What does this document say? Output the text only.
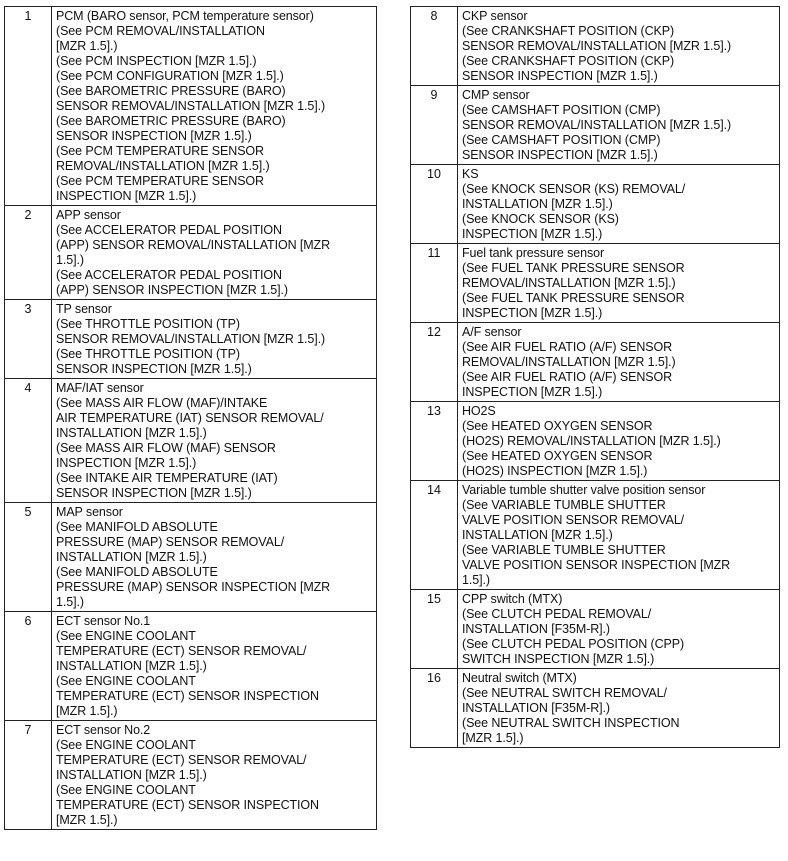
1	PCM (BARO sensor, PCM temperature sensor)
(See PCM REMOVAL/INSTALLATION
[MZR 1.5].)
(See PCM INSPECTION [MZR 1.5].)
(See PCM CONFIGURATION [MZR 1.5].)
(See BAROMETRIC PRESSURE (BARO)
SENSOR REMOVAL/INSTALLATION [MZR 1.5].)
(See BAROMETRIC PRESSURE (BARO)
SENSOR INSPECTION [MZR 1.5].)
(See PCM TEMPERATURE SENSOR
REMOVAL/INSTALLATION [MZR 1.5].)
(See PCM TEMPERATURE SENSOR
INSPECTION [MZR 1.5].)
2	APP sensor
(See ACCELERATOR PEDAL POSITION
(APP) SENSOR REMOVAL/INSTALLATION [MZR
1.5].)
(See ACCELERATOR PEDAL POSITION
(APP) SENSOR INSPECTION [MZR 1.5].)
3	TP sensor
(See THROTTLE POSITION (TP)
SENSOR REMOVAL/INSTALLATION [MZR 1.5].)
(See THROTTLE POSITION (TP)
SENSOR INSPECTION [MZR 1.5].)
4	MAF/IAT sensor
(See MASS AIR FLOW (MAF)/INTAKE
AIR TEMPERATURE (IAT) SENSOR REMOVAL/
INSTALLATION [MZR 1.5].)
(See MASS AIR FLOW (MAF) SENSOR
INSPECTION [MZR 1.5].)
(See INTAKE AIR TEMPERATURE (IAT)
SENSOR INSPECTION [MZR 1.5].)
5	MAP sensor
(See MANIFOLD ABSOLUTE
PRESSURE (MAP) SENSOR REMOVAL/
INSTALLATION [MZR 1.5].)
(See MANIFOLD ABSOLUTE
PRESSURE (MAP) SENSOR INSPECTION [MZR
1.5].)
6	ECT sensor No.1
(See ENGINE COOLANT
TEMPERATURE (ECT) SENSOR REMOVAL/
INSTALLATION [MZR 1.5].)
(See ENGINE COOLANT
TEMPERATURE (ECT) SENSOR INSPECTION
[MZR 1.5].)
7	ECT sensor No.2
(See ENGINE COOLANT
TEMPERATURE (ECT) SENSOR REMOVAL/
INSTALLATION [MZR 1.5].)
(See ENGINE COOLANT
TEMPERATURE (ECT) SENSOR INSPECTION
[MZR 1.5].)
8	CKP sensor
(See CRANKSHAFT POSITION (CKP)
SENSOR REMOVAL/INSTALLATION [MZR 1.5].)
(See CRANKSHAFT POSITION (CKP)
SENSOR INSPECTION [MZR 1.5].)
9	CMP sensor
(See CAMSHAFT POSITION (CMP)
SENSOR REMOVAL/INSTALLATION [MZR 1.5].)
(See CAMSHAFT POSITION (CMP)
SENSOR INSPECTION [MZR 1.5].)
10	KS
(See KNOCK SENSOR (KS) REMOVAL/
INSTALLATION [MZR 1.5].)
(See KNOCK SENSOR (KS)
INSPECTION [MZR 1.5].)
11	Fuel tank pressure sensor
(See FUEL TANK PRESSURE SENSOR
REMOVAL/INSTALLATION [MZR 1.5].)
(See FUEL TANK PRESSURE SENSOR
INSPECTION [MZR 1.5].)
12	A/F sensor
(See AIR FUEL RATIO (A/F) SENSOR
REMOVAL/INSTALLATION [MZR 1.5].)
(See AIR FUEL RATIO (A/F) SENSOR
INSPECTION [MZR 1.5].)
13	HO2S
(See HEATED OXYGEN SENSOR
(HO2S) REMOVAL/INSTALLATION [MZR 1.5].)
(See HEATED OXYGEN SENSOR
(HO2S) INSPECTION [MZR 1.5].)
14	Variable tumble shutter valve position sensor
(See VARIABLE TUMBLE SHUTTER
VALVE POSITION SENSOR REMOVAL/
INSTALLATION [MZR 1.5].)
(See VARIABLE TUMBLE SHUTTER
VALVE POSITION SENSOR INSPECTION [MZR
1.5].)
15	CPP switch (MTX)
(See CLUTCH PEDAL REMOVAL/
INSTALLATION [F35M-R].)
(See CLUTCH PEDAL POSITION (CPP)
SWITCH INSPECTION [MZR 1.5].)
16	Neutral switch (MTX)
(See NEUTRAL SWITCH REMOVAL/
INSTALLATION [F35M-R].)
(See NEUTRAL SWITCH INSPECTION
[MZR 1.5].)
